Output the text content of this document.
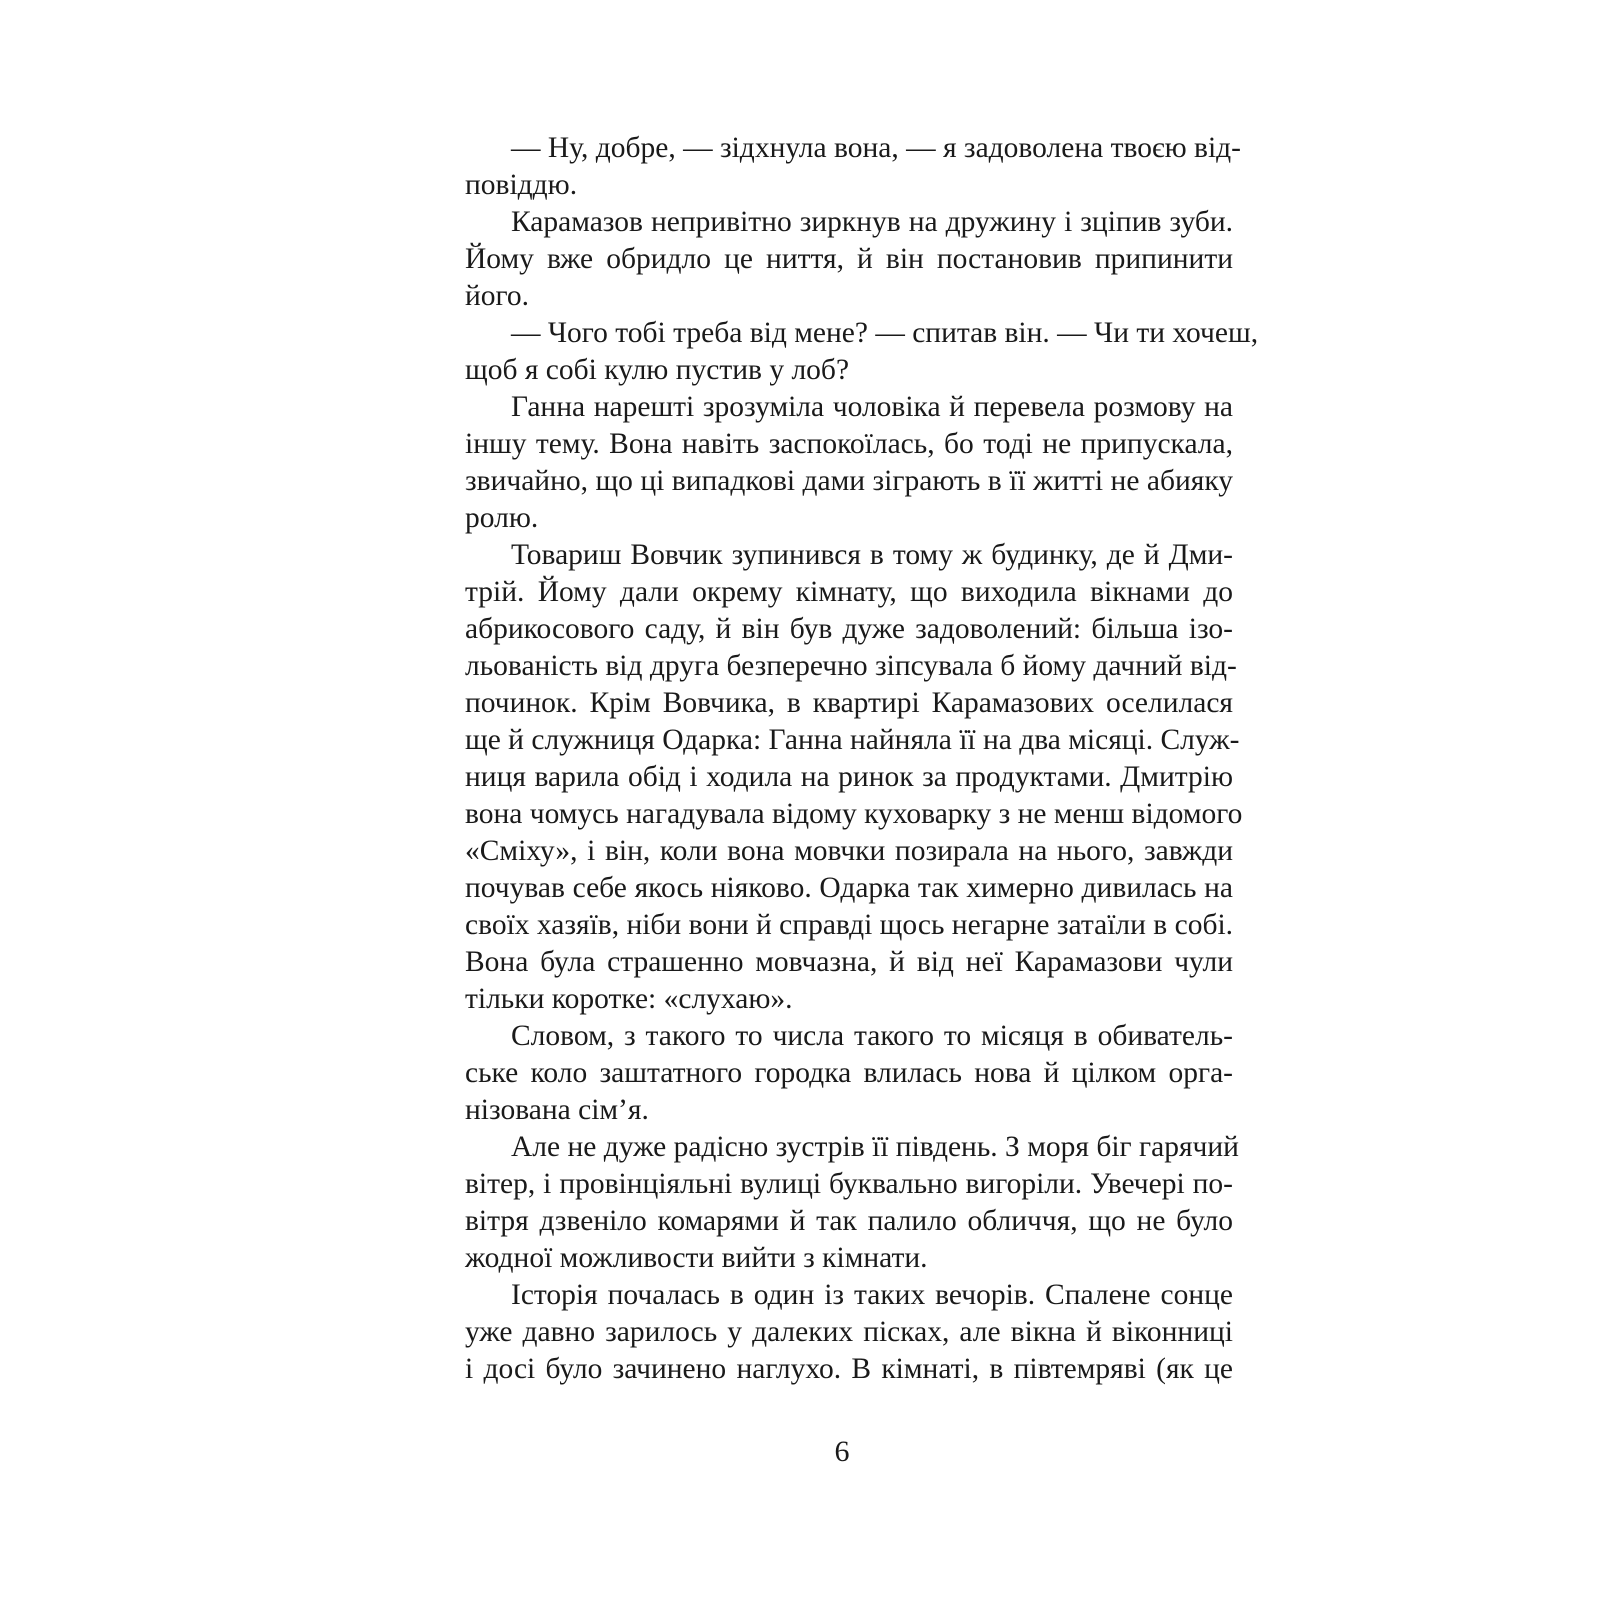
— Ну, добре, — зідхнула вона, — я задоволена твоєю від-
повіддю.
Карамазов непривітно зиркнув на дружину і зціпив зуби.
Йому вже обридло це ниття, й він постановив припинити
його.
— Чого тобі треба від мене? — спитав він. — Чи ти хочеш,
щоб я собі кулю пустив у лоб?
Ганна нарешті зрозуміла чоловіка й перевела розмову на
іншу тему. Вона навіть заспокоїлась, бо тоді не припускала,
звичайно, що ці випадкові дами зіграють в її житті не абияку
ролю.
Товариш Вовчик зупинився в тому ж будинку, де й Дми-
трій. Йому дали окрему кімнату, що виходила вікнами до
абрикосового саду, й він був дуже задоволений: більша ізо-
льованість від друга безперечно зіпсувала б йому дачний від-
починок. Крім Вовчика, в квартирі Карамазових оселилася
ще й служниця Одарка: Ганна найняла її на два місяці. Служ-
ниця варила обід і ходила на ринок за продуктами. Дмитрію
вона чомусь нагадувала відому куховарку з не менш відомого
«Сміху», і він, коли вона мовчки позирала на нього, завжди
почував себе якось ніяково. Одарка так химерно дивилась на
своїх хазяїв, ніби вони й справді щось негарне затаїли в собі.
Вона була страшенно мовчазна, й від неї Карамазови чули
тільки коротке: «слухаю».
Словом, з такого то числа такого то місяця в обиватель-
ське коло заштатного городка влилась нова й цілком орга-
нізована сім’я.
Але не дуже радісно зустрів її південь. З моря біг гарячий
вітер, і провінціяльні вулиці буквально вигоріли. Увечері по-
вітря дзвеніло комарями й так палило обличчя, що не було
жодної можливости вийти з кімнати.
Історія почалась в один із таких вечорів. Спалене сонце
уже давно зарилось у далеких пісках, але вікна й віконниці
і досі було зачинено наглухо. В кімнаті, в півтемряві (як це
6
